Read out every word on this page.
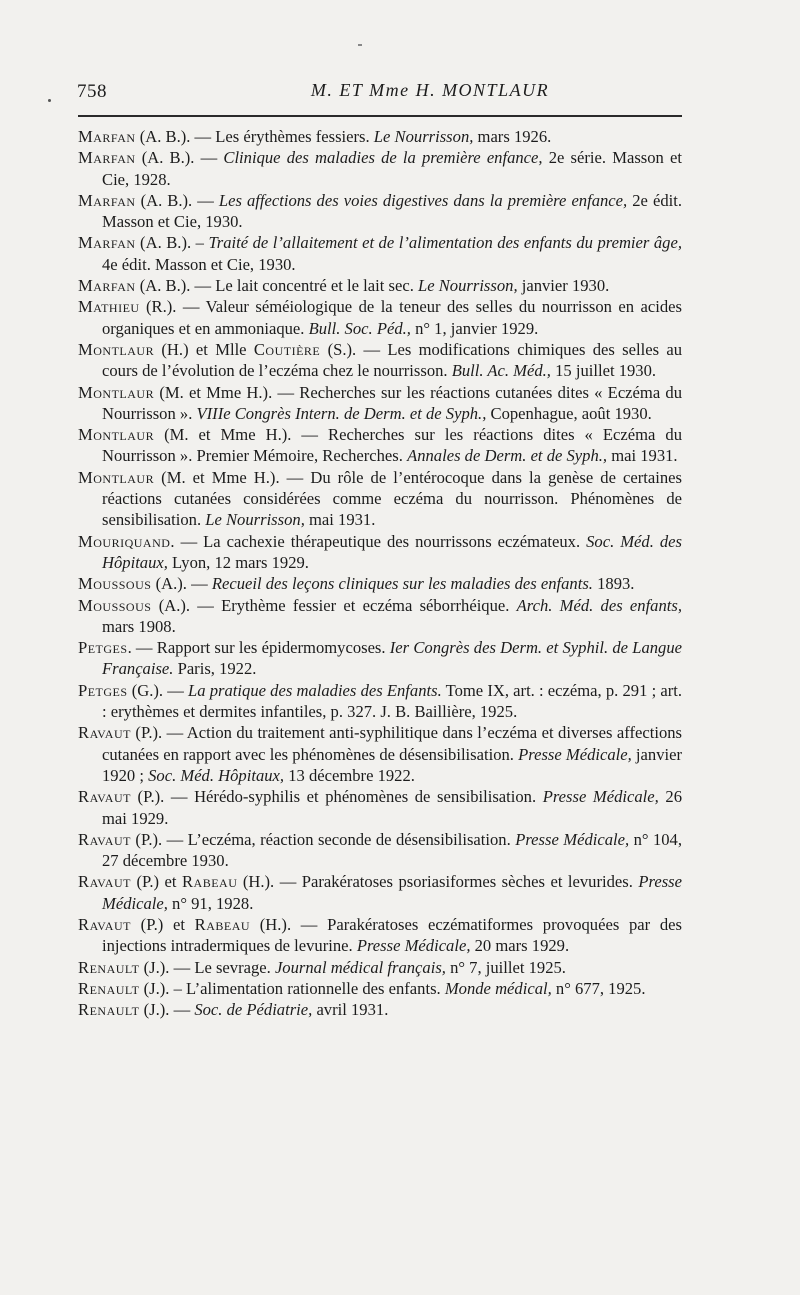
758	M. ET Mme H. MONTLAUR

Marfan (A. B.). — Les érythèmes fessiers. Le Nourrisson, mars 1926.

Marfan (A. B.). — Clinique des maladies de la première enfance, 2e série. Masson et Cie, 1928.

Marfan (A. B.). — Les affections des voies digestives dans la première enfance, 2e édit. Masson et Cie, 1930.

Marfan (A. B.). – Traité de l’allaitement et de l’alimentation des enfants du premier âge, 4e édit. Masson et Cie, 1930.

Marfan (A. B.). — Le lait concentré et le lait sec. Le Nourrisson, janvier 1930.

Mathieu (R.). — Valeur séméiologique de la teneur des selles du nourrisson en acides organiques et en ammoniaque. Bull. Soc. Péd., n° 1, janvier 1929.

Montlaur (H.) et Mlle Coutière (S.). — Les modifications chimiques des selles au cours de l’évolution de l’eczéma chez le nourrisson. Bull. Ac. Méd., 15 juillet 1930.

Montlaur (M. et Mme H.). — Recherches sur les réactions cutanées dites « Eczéma du Nourrisson ». VIIIe Congrès Intern. de Derm. et de Syph., Copenhague, août 1930.

Montlaur (M. et Mme H.). — Recherches sur les réactions dites « Eczéma du Nourrisson ». Premier Mémoire, Recherches. Annales de Derm. et de Syph., mai 1931.

Montlaur (M. et Mme H.). — Du rôle de l’entérocoque dans la genèse de certaines réactions cutanées considérées comme eczéma du nourrisson. Phénomènes de sensibilisation. Le Nourrisson, mai 1931.

Mouriquand. — La cachexie thérapeutique des nourrissons eczémateux. Soc. Méd. des Hôpitaux, Lyon, 12 mars 1929.

Moussous (A.). — Recueil des leçons cliniques sur les maladies des enfants. 1893.

Moussous (A.). — Erythème fessier et eczéma séborrhéique. Arch. Méd. des enfants, mars 1908.

Petges. — Rapport sur les épidermomycoses. Ier Congrès des Derm. et Syphil. de Langue Française. Paris, 1922.

Petges (G.). — La pratique des maladies des Enfants. Tome IX, art. : eczéma, p. 291 ; art. : erythèmes et dermites infantiles, p. 327. J. B. Baillière, 1925.

Ravaut (P.). — Action du traitement anti-syphilitique dans l’eczéma et diverses affections cutanées en rapport avec les phénomènes de désensibilisation. Presse Médicale, janvier 1920 ; Soc. Méd. Hôpitaux, 13 décembre 1922.

Ravaut (P.). — Hérédo-syphilis et phénomènes de sensibilisation. Presse Médicale, 26 mai 1929.

Ravaut (P.). — L’eczéma, réaction seconde de désensibilisation. Presse Médicale, n° 104, 27 décembre 1930.

Ravaut (P.) et Rabeau (H.). — Parakératoses psoriasiformes sèches et levurides. Presse Médicale, n° 91, 1928.

Ravaut (P.) et Rabeau (H.). — Parakératoses eczématiformes provoquées par des injections intradermiques de levurine. Presse Médicale, 20 mars 1929.

Renault (J.). — Le sevrage. Journal médical français, n° 7, juillet 1925.

Renault (J.). – L’alimentation rationnelle des enfants. Monde médical, n° 677, 1925.

Renault (J.). — Soc. de Pédiatrie, avril 1931.
